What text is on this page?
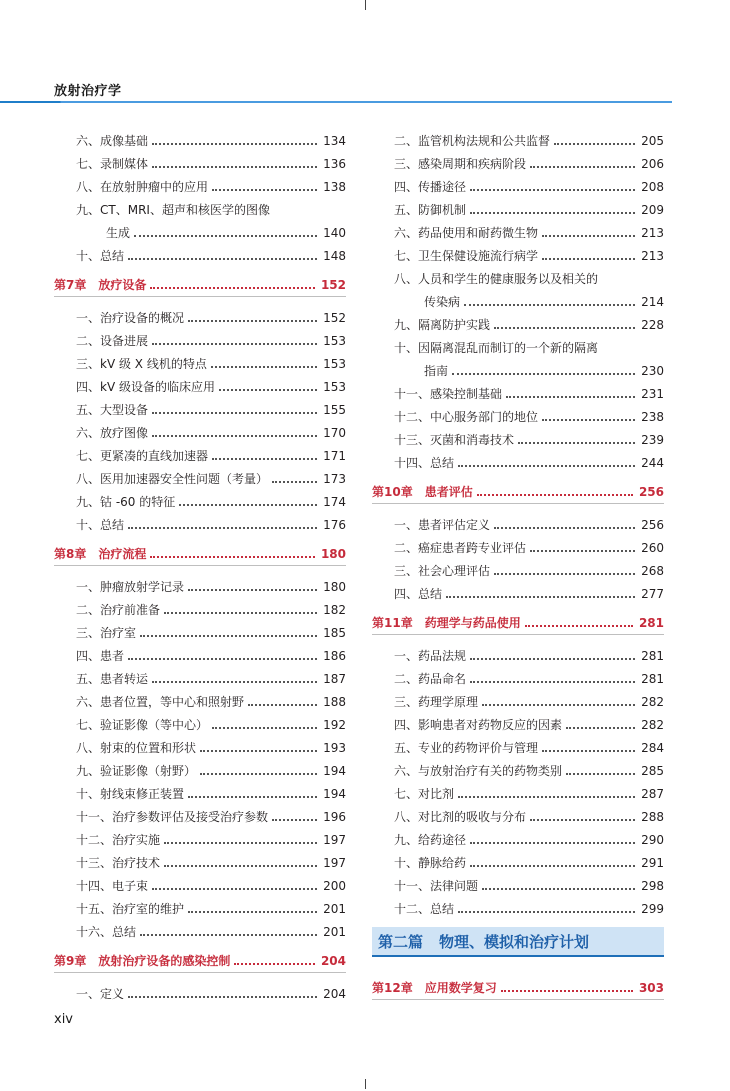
放射治疗学
六、成像基础	134
七、录制媒体	136
八、在放射肿瘤中的应用	138
九、CT、MRI、超声和核医学的图像
生成	140
十、总结	148
第7章　放疗设备	152
一、治疗设备的概况	152
二、设备进展	153
三、kV 级 X 线机的特点	153
四、kV 级设备的临床应用	153
五、大型设备	155
六、放疗图像	170
七、更紧凑的直线加速器	171
八、医用加速器安全性问题（考量）	173
九、钴 -60 的特征	174
十、总结	176
第8章　治疗流程	180
一、肿瘤放射学记录	180
二、治疗前准备	182
三、治疗室	185
四、患者	186
五、患者转运	187
六、患者位置，等中心和照射野	188
七、验证影像（等中心）	192
八、射束的位置和形状	193
九、验证影像（射野）	194
十、射线束修正装置	194
十一、治疗参数评估及接受治疗参数	196
十二、治疗实施	197
十三、治疗技术	197
十四、电子束	200
十五、治疗室的维护	201
十六、总结	201
第9章　放射治疗设备的感染控制	204
一、定义	204
二、监管机构法规和公共监督	205
三、感染周期和疾病阶段	206
四、传播途径	208
五、防御机制	209
六、药品使用和耐药微生物	213
七、卫生保健设施流行病学	213
八、人员和学生的健康服务以及相关的
传染病	214
九、隔离防护实践	228
十、因隔离混乱而制订的一个新的隔离
指南	230
十一、感染控制基础	231
十二、中心服务部门的地位	238
十三、灭菌和消毒技术	239
十四、总结	244
第10章　患者评估	256
一、患者评估定义	256
二、癌症患者跨专业评估	260
三、社会心理评估	268
四、总结	277
第11章　药理学与药品使用	281
一、药品法规	281
二、药品命名	281
三、药理学原理	282
四、影响患者对药物反应的因素	282
五、专业的药物评价与管理	284
六、与放射治疗有关的药物类别	285
七、对比剂	287
八、对比剂的吸收与分布	288
九、给药途径	290
十、静脉给药	291
十一、法律问题	298
十二、总结	299
第二篇 物理、模拟和治疗计划
第12章　应用数学复习	303
xiv
